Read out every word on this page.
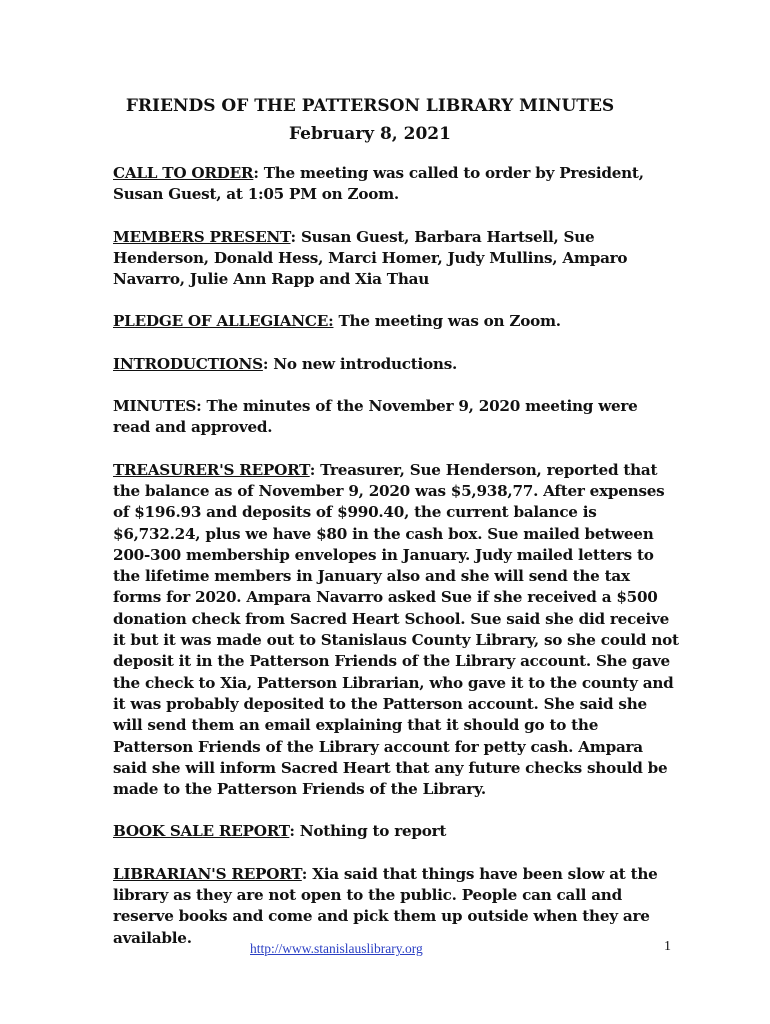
FRIENDS OF THE PATTERSON LIBRARY MINUTES
February 8, 2021

CALL TO ORDER: The meeting was called to order by President, Susan Guest, at 1:05 PM on Zoom.

MEMBERS PRESENT: Susan Guest, Barbara Hartsell, Sue Henderson, Donald Hess, Marci Homer, Judy Mullins, Amparo Navarro, Julie Ann Rapp and Xia Thau

PLEDGE OF ALLEGIANCE: The meeting was on Zoom.

INTRODUCTIONS: No new introductions.

MINUTES: The minutes of the November 9, 2020 meeting were read and approved.

TREASURER'S REPORT: Treasurer, Sue Henderson, reported that the balance as of November 9, 2020 was $5,938,77. After expenses of $196.93 and deposits of $990.40, the current balance is $6,732.24, plus we have $80 in the cash box. Sue mailed between 200-300 membership envelopes in January. Judy mailed letters to the lifetime members in January also and she will send the tax forms for 2020. Ampara Navarro asked Sue if she received a $500 donation check from Sacred Heart School. Sue said she did receive it but it was made out to Stanislaus County Library, so she could not deposit it in the Patterson Friends of the Library account. She gave the check to Xia, Patterson Librarian, who gave it to the county and it was probably deposited to the Patterson account. She said she will send them an email explaining that it should go to the Patterson Friends of the Library account for petty cash. Ampara said she will inform Sacred Heart that any future checks should be made to the Patterson Friends of the Library.

BOOK SALE REPORT: Nothing to report

LIBRARIAN'S REPORT: Xia said that things have been slow at the library as they are not open to the public. People can call and reserve books and come and pick them up outside when they are available.

http://www.stanislauslibrary.org	1
